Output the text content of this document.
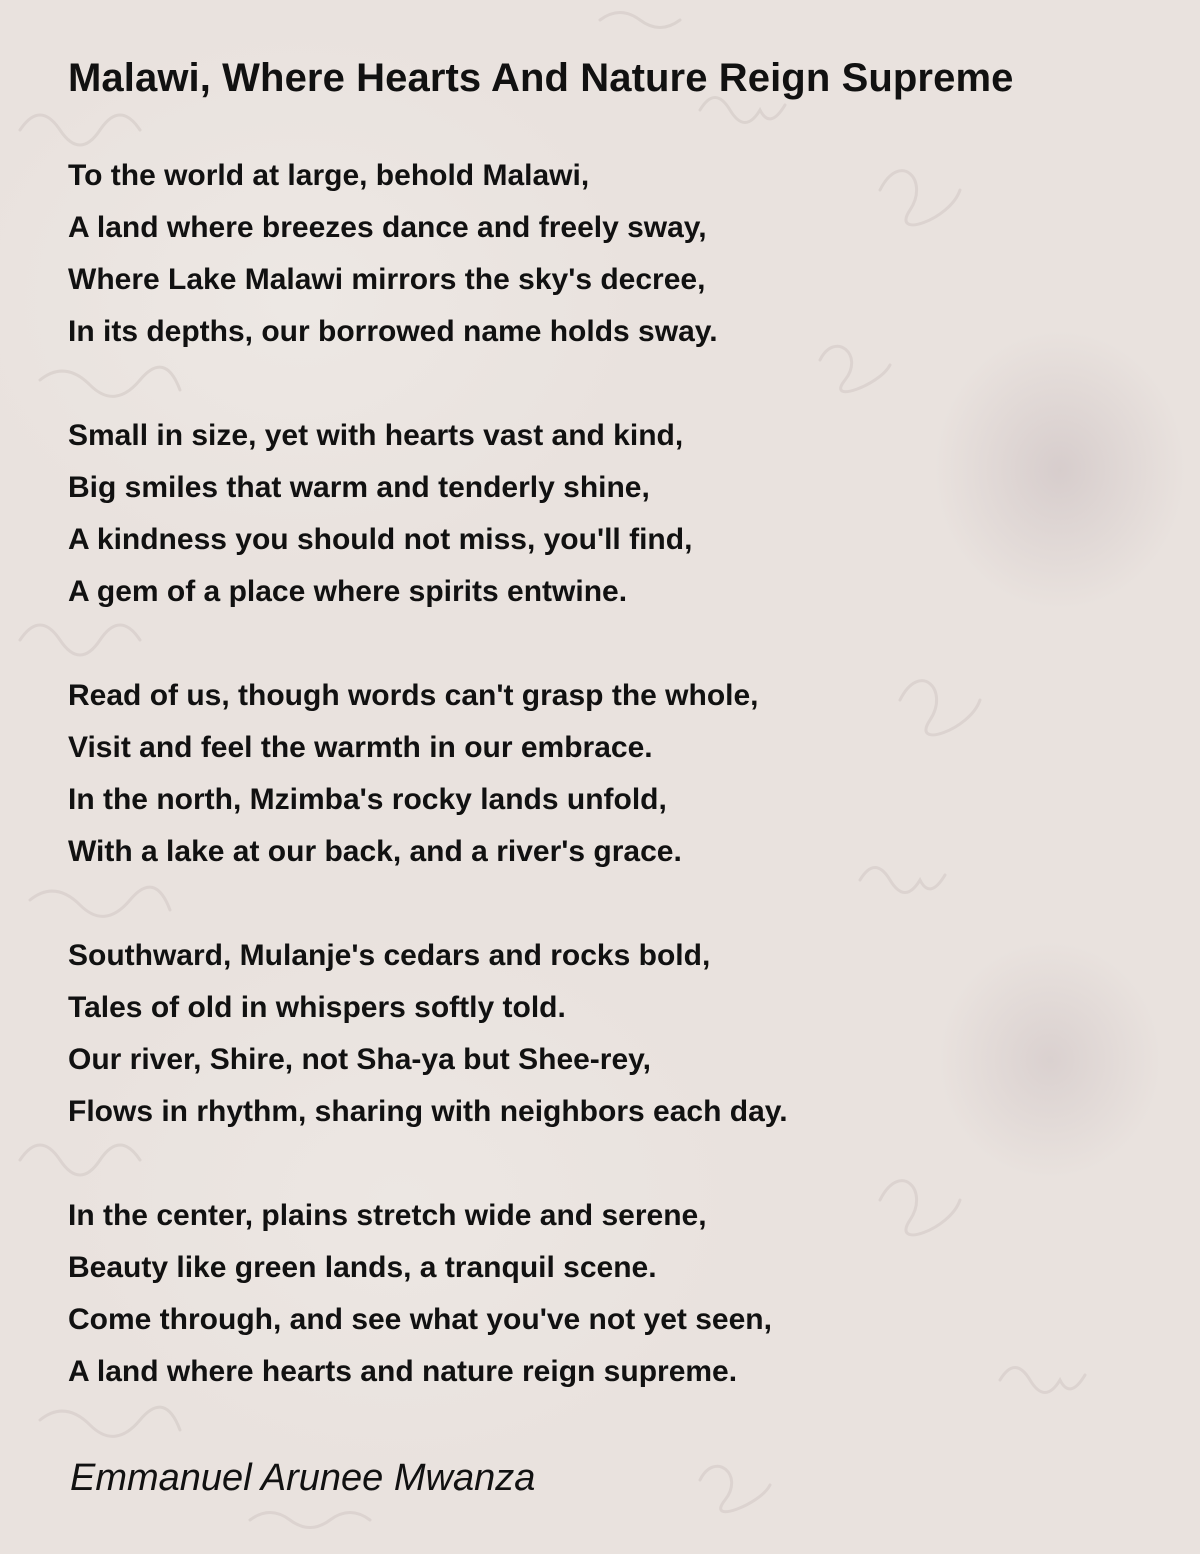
Malawi, Where Hearts And Nature Reign Supreme
To the world at large, behold Malawi,
A land where breezes dance and freely sway,
Where Lake Malawi mirrors the sky's decree,
In its depths, our borrowed name holds sway.
Small in size, yet with hearts vast and kind,
Big smiles that warm and tenderly shine,
A kindness you should not miss, you'll find,
A gem of a place where spirits entwine.
Read of us, though words can't grasp the whole,
Visit and feel the warmth in our embrace.
In the north, Mzimba's rocky lands unfold,
With a lake at our back, and a river's grace.
Southward, Mulanje's cedars and rocks bold,
Tales of old in whispers softly told.
Our river, Shire, not Sha-ya but Shee-rey,
Flows in rhythm, sharing with neighbors each day.
In the center, plains stretch wide and serene,
Beauty like green lands, a tranquil scene.
Come through, and see what you've not yet seen,
A land where hearts and nature reign supreme.
Emmanuel Arunee Mwanza
